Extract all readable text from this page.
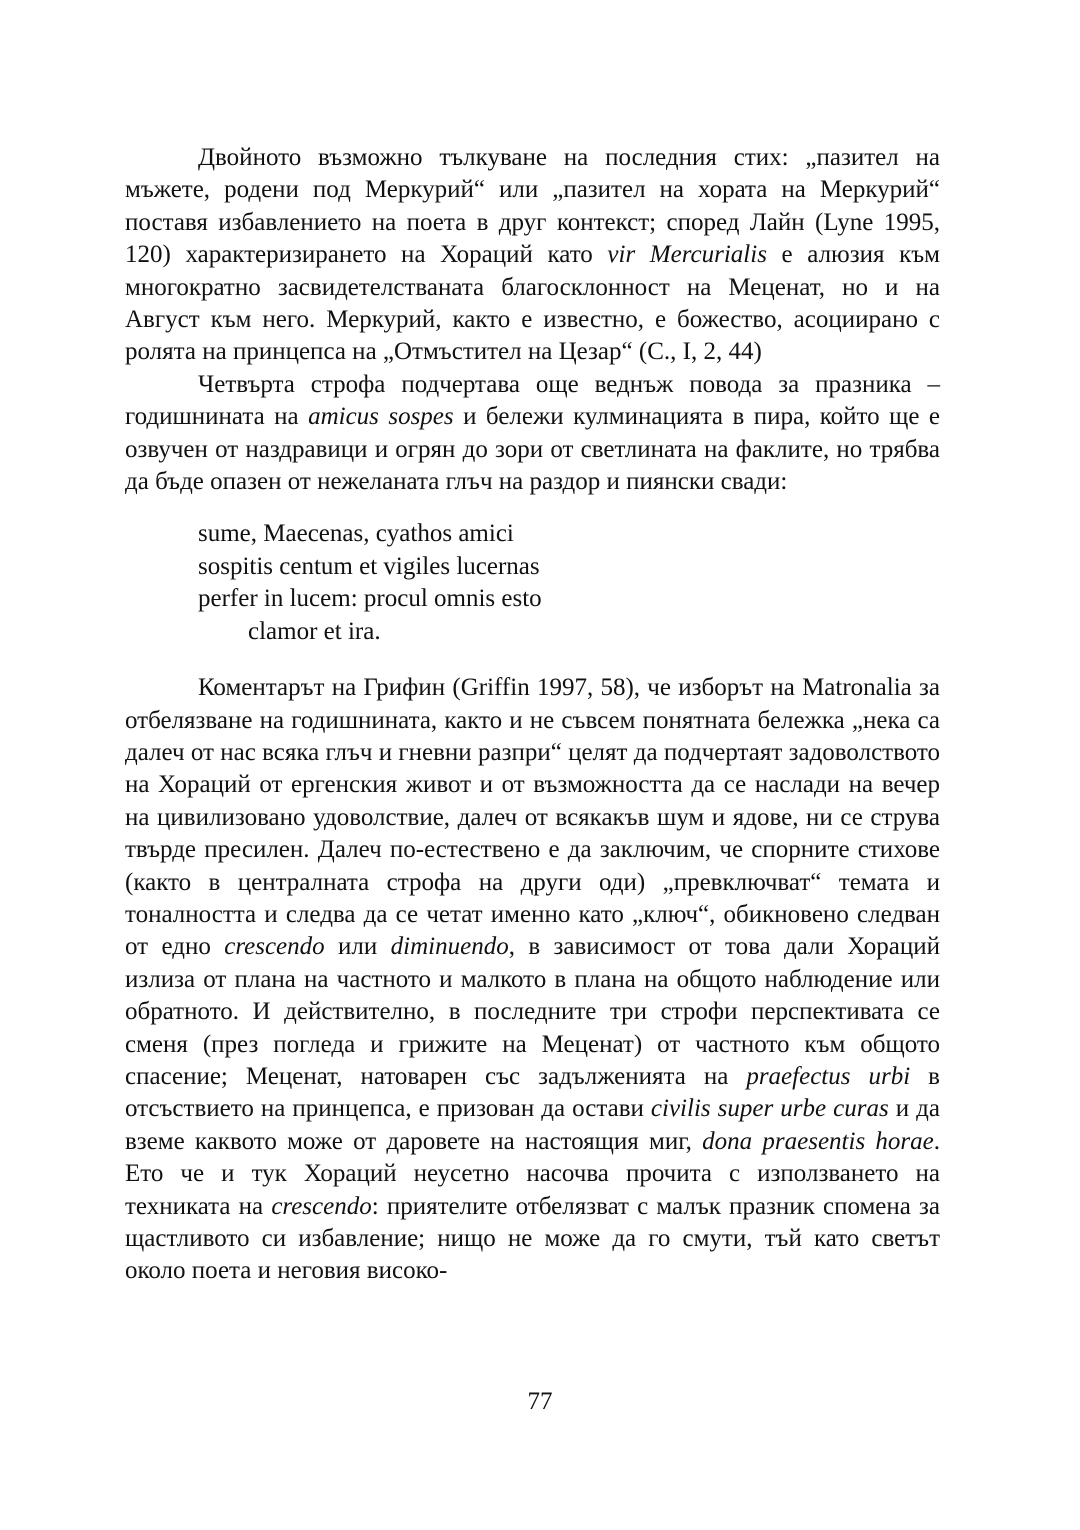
Двойното възможно тълкуване на последния стих: „пазител на мъжете, родени под Меркурий“ или „пазител на хората на Меркурий“ поставя избавлението на поета в друг контекст; според Лайн (Lyne 1995, 120) характеризирането на Хораций като vir Mercurialis е алюзия към многократно засвидетелстваната благосклонност на Меценат, но и на Август към него. Меркурий, както е известно, е божество, асоциирано с ролята на принцепса на „Отмъстител на Цезар“ (C., I, 2, 44)

Четвърта строфа подчертава още веднъж повода за празника – годишнината на amicus sospes и бележи кулминацията в пира, който ще е озвучен от наздравици и огрян до зори от светлината на факлите, но трябва да бъде опазен от нежеланата глъч на раздор и пиянски свади:

sume, Maecenas, cyathos amici
sospitis centum et vigiles lucernas
perfer in lucem: procul omnis esto
clamor et ira.

Коментарът на Грифин (Griffin 1997, 58), че изборът на Matronalia за отбелязване на годишнината, както и не съвсем понятната бележка „нека са далеч от нас всяка глъч и гневни разпри“ целят да подчертаят задоволството на Хораций от ергенския живот и от възможността да се наслади на вечер на цивилизовано удоволствие, далеч от всякакъв шум и ядове, ни се струва твърде пресилен. Далеч по-естествено е да заключим, че спорните стихове (както в централната строфа на други оди) „превключват“ темата и тоналността и следва да се четат именно като „ключ“, обикновено следван от едно crescendo или diminuendo, в зависимост от това дали Хораций излиза от плана на частното и малкото в плана на общото наблюдение или обратното. И действително, в последните три строфи перспективата се сменя (през погледа и грижите на Меценат) от частното към общото спасение; Меценат, натоварен със задълженията на praefectus urbi в отсъствието на принцепса, е призован да остави civilis super urbe curas и да вземе каквото може от даровете на настоящия миг, dona praesentis horae. Ето че и тук Хораций неусетно насочва прочита с използването на техниката на crescendo: приятелите отбелязват с малък празник спомена за щастливото си избавление; нищо не може да го смути, тъй като светът около поета и неговия високо-

77
